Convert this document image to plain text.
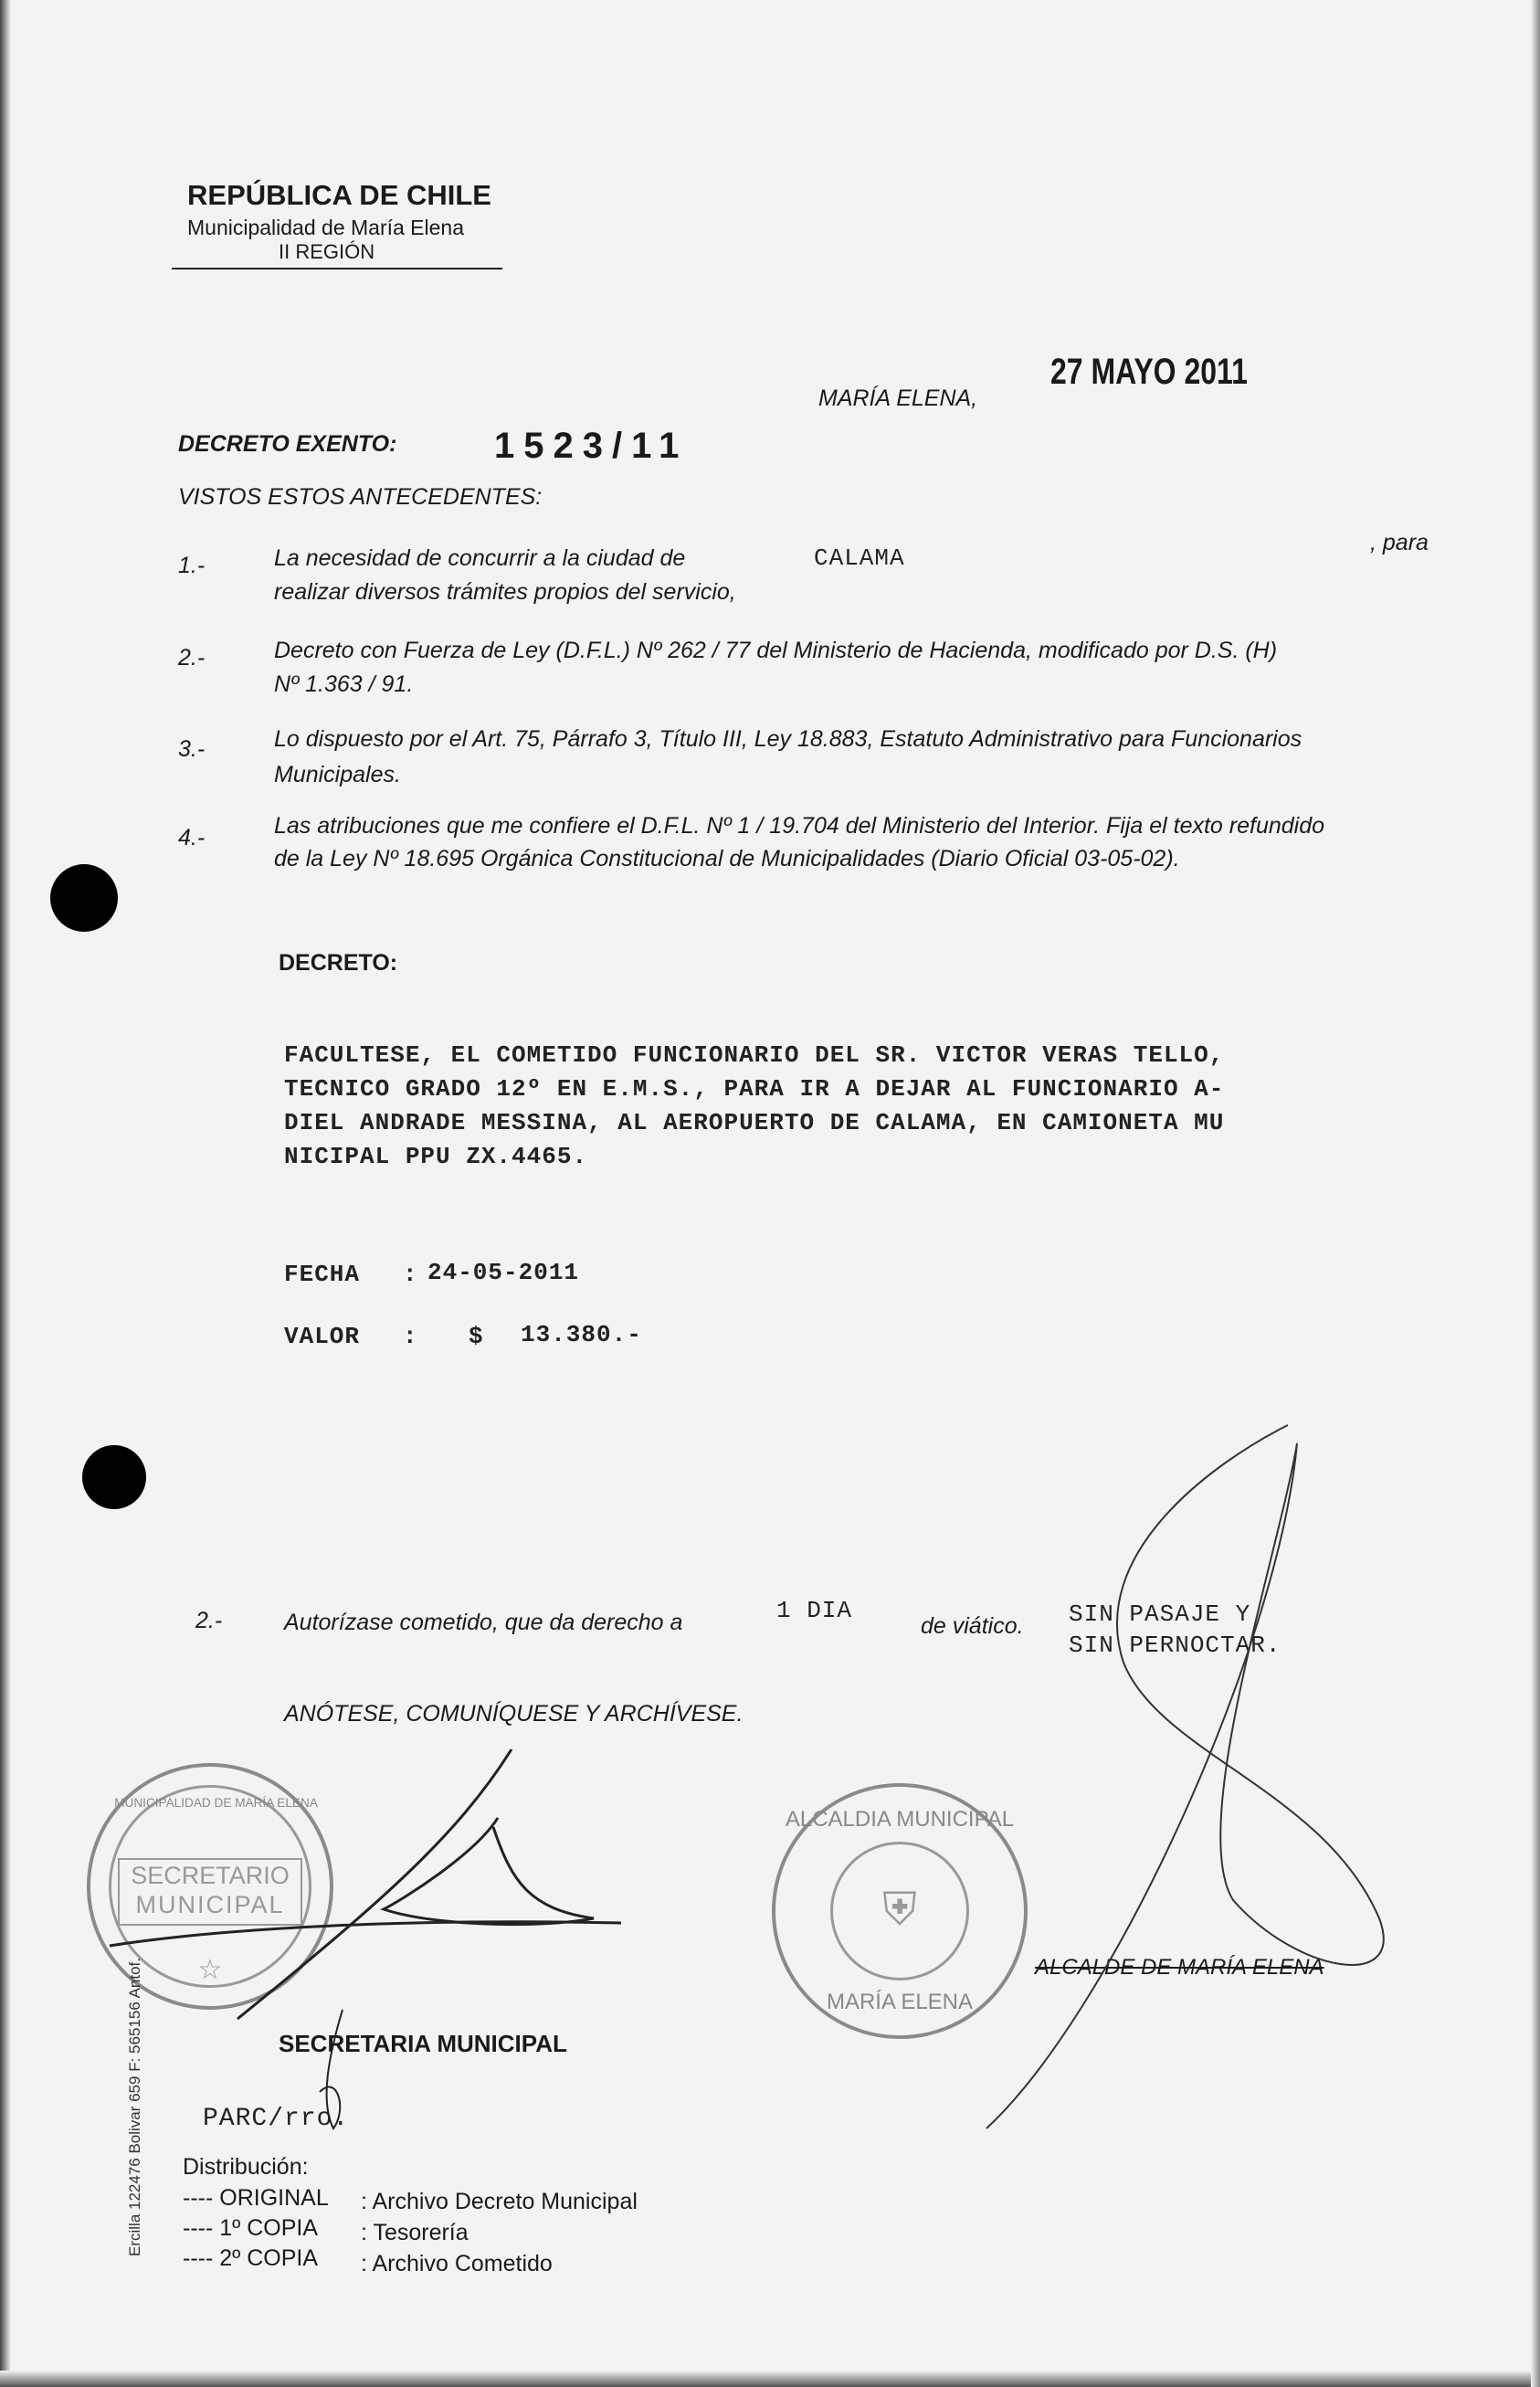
REPÚBLICA DE CHILE
Municipalidad de María Elena
II REGIÓN
MARÍA ELENA,
27 MAYO 2011
DECRETO EXENTO:	1523/11
VISTOS ESTOS ANTECEDENTES:
1.-	La necesidad de concurrir a la ciudad de	CALAMA
, para
realizar diversos trámites propios del servicio,
2.-	Decreto con Fuerza de Ley (D.F.L.) Nº 262 / 77 del Ministerio de Hacienda, modificado por D.S. (H)
Nº 1.363 / 91.
3.-	Lo dispuesto por el Art. 75, Párrafo 3, Título III, Ley 18.883, Estatuto Administrativo para Funcionarios
Municipales.
4.-	Las atribuciones que me confiere el D.F.L. Nº 1 / 19.704 del Ministerio del Interior. Fija el texto refundido
de la Ley Nº 18.695 Orgánica Constitucional de Municipalidades (Diario Oficial 03-05-02).
DECRETO:
FACULTESE, EL COMETIDO FUNCIONARIO DEL SR. VICTOR VERAS TELLO,
TECNICO GRADO 12º EN E.M.S., PARA IR A DEJAR AL FUNCIONARIO A-
DIEL ANDRADE MESSINA, AL AEROPUERTO DE CALAMA, EN CAMIONETA MU
NICIPAL PPU ZX.4465.
FECHA : 24-05-2011
VALOR : $ 13.380.-
2.-	Autorízase cometido, que da derecho a	1 DIA
de viático. SIN PASAJE Y
SIN PERNOCTAR.
ANÓTESE, COMUNÍQUESE Y ARCHÍVESE.
MUNICIPALIDAD DE MARÍA ELENA
SECRETARIO
MUNICIPAL
☆
ALCALDIA MUNICIPAL
⛨
MARÍA ELENA
ALCALDE DE MARÍA ELENA
SECRETARIA MUNICIPAL
PARC/rro.
Distribución:
---- ORIGINAL : Archivo Decreto Municipal
---- 1º COPIA : Tesorería
---- 2º COPIA : Archivo Cometido
Ercilla 122476 Bolivar 659 F: 565156 Antof.
